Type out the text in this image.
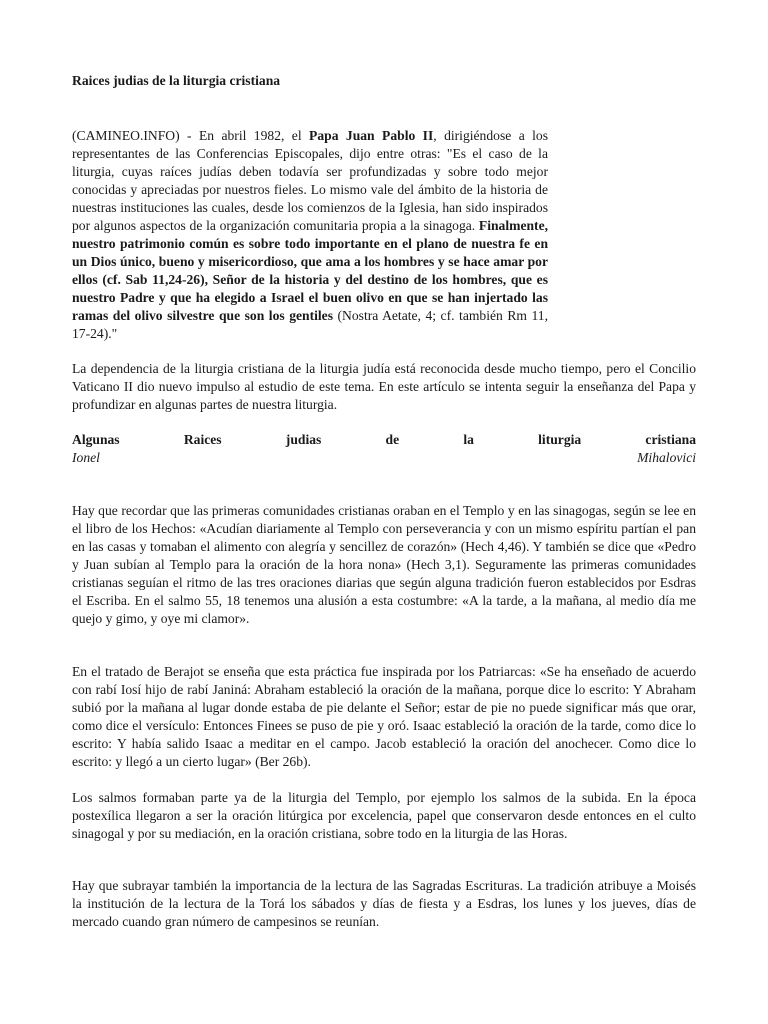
Raices judias de la liturgia cristiana

(CAMINEO.INFO) - En abril 1982, el Papa Juan Pablo II, dirigiéndose a los representantes de las Conferencias Episcopales, dijo entre otras: "Es el caso de la liturgia, cuyas raíces judías deben todavía ser profundizadas y sobre todo mejor conocidas y apreciadas por nuestros fieles. Lo mismo vale del ámbito de la historia de nuestras instituciones las cuales, desde los comienzos de la Iglesia, han sido inspirados por algunos aspectos de la organización comunitaria propia a la sinagoga. Finalmente, nuestro patrimonio común es sobre todo importante en el plano de nuestra fe en un Dios único, bueno y misericordioso, que ama a los hombres y se hace amar por ellos (cf. Sab 11,24-26), Señor de la historia y del destino de los hombres, que es nuestro Padre y que ha elegido a Israel el buen olivo en que se han injertado las ramas del olivo silvestre que son los gentiles (Nostra Aetate, 4; cf. también Rm 11, 17-24)."

La dependencia de la liturgia cristiana de la liturgia judía está reconocida desde mucho tiempo, pero el Concilio Vaticano II dio nuevo impulso al estudio de este tema. En este artículo se intenta seguir la enseñanza del Papa y profundizar en algunas partes de nuestra liturgia.

Algunas	Raices	judias	de	la	liturgia	cristiana
Ionel	Mihalovici

Hay que recordar que las primeras comunidades cristianas oraban en el Templo y en las sinagogas, según se lee en el libro de los Hechos: «Acudían diariamente al Templo con perseverancia y con un mismo espíritu partían el pan en las casas y tomaban el alimento con alegría y sencillez de corazón» (Hech 4,46). Y también se dice que «Pedro y Juan subían al Templo para la oración de la hora nona» (Hech 3,1). Seguramente las primeras comunidades cristianas seguían el ritmo de las tres oraciones diarias que según alguna tradición fueron establecidos por Esdras el Escriba. En el salmo 55, 18 tenemos una alusión a esta costumbre: «A la tarde, a la mañana, al medio día me quejo y gimo, y oye mi clamor».

En el tratado de Berajot se enseña que esta práctica fue inspirada por los Patriarcas: «Se ha enseñado de acuerdo con rabí Iosí hijo de rabí Janiná: Abraham estableció la oración de la mañana, porque dice lo escrito: Y Abraham subió por la mañana al lugar donde estaba de pie delante el Señor; estar de pie no puede significar más que orar, como dice el versículo: Entonces Finees se puso de pie y oró. Isaac estableció la oración de la tarde, como dice lo escrito: Y había salido Isaac a meditar en el campo. Jacob estableció la oración del anochecer. Como dice lo escrito: y llegó a un cierto lugar» (Ber 26b).

Los salmos formaban parte ya de la liturgia del Templo, por ejemplo los salmos de la subida. En la época postexílica llegaron a ser la oración litúrgica por excelencia, papel que conservaron desde entonces en el culto sinagogal y por su mediación, en la oración cristiana, sobre todo en la liturgia de las Horas.

Hay que subrayar también la importancia de la lectura de las Sagradas Escrituras. La tradición atribuye a Moisés la institución de la lectura de la Torá los sábados y días de fiesta y a Esdras, los lunes y los jueves, días de mercado cuando gran número de campesinos se reunían.
